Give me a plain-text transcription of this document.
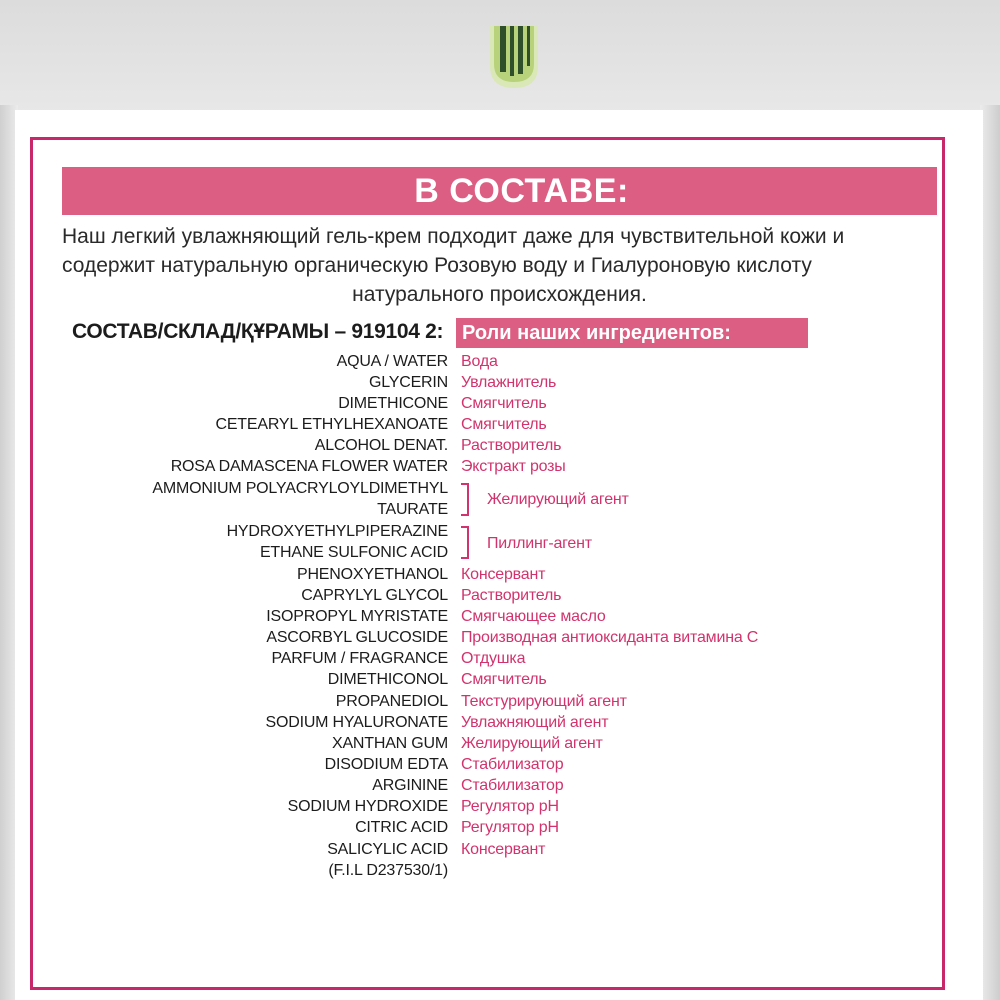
В СОСТАВЕ:
Наш легкий увлажняющий гель-крем подходит даже для чувствительной кожи и
содержит натуральную органическую Розовую воду и Гиалуроновую кислоту
натурального происхождения.
СОСТАВ/СКЛАД/ҚҰРАМЫ – 919104 2: Роли наших ингредиентов:
AQUA / WATER
GLYCERIN
DIMETHICONE
CETEARYL ETHYLHEXANOATE
ALCOHOL DENAT.
ROSA DAMASCENA FLOWER WATER
AMMONIUM POLYACRYLOYLDIMETHYL
TAURATE
HYDROXYETHYLPIPERAZINE
ETHANE SULFONIC ACID
PHENOXYETHANOL
CAPRYLYL GLYCOL
ISOPROPYL MYRISTATE
ASCORBYL GLUCOSIDE
PARFUM / FRAGRANCE
DIMETHICONOL
PROPANEDIOL
SODIUM HYALURONATE
XANTHAN GUM
DISODIUM EDTA
ARGININE
SODIUM HYDROXIDE
CITRIC ACID
SALICYLIC ACID
(F.I.L D237530/1)
Вода
Увлажнитель
Смягчитель
Смягчитель
Растворитель
Экстракт розы
Желирующий агент
Пиллинг-агент
Консервант
Растворитель
Смягчающее масло
Производная антиоксиданта витамина С
Отдушка
Смягчитель
Текстурирующий агент
Увлажняющий агент
Желирующий агент
Стабилизатор
Стабилизатор
Регулятор pH
Регулятор pH
Консервант
